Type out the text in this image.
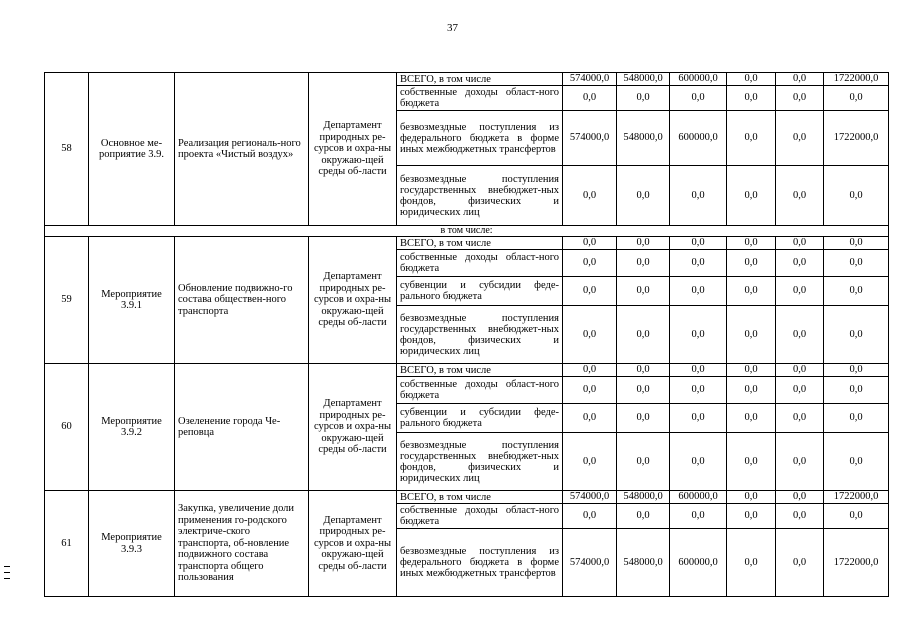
37
58	Основное ме-роприятие 3.9.	Реализация региональ-ного проекта «Чистый воздух»	Департамент природных ре-сурсов и охра-ны окружаю-щей среды об-ласти	ВСЕГО, в том числе	574000,0	548000,0	600000,0	0,0	0,0	1722000,0
				собственные доходы област-ного бюджета	0,0	0,0	0,0	0,0	0,0	0,0
				безвозмездные поступления из федерального бюджета в форме иных межбюджетных трансфертов	574000,0	548000,0	600000,0	0,0	0,0	1722000,0
				безвозмездные поступления государственных внебюджет-ных фондов, физических и юридических лиц	0,0	0,0	0,0	0,0	0,0	0,0
в том числе:										
59	Мероприятие 3.9.1	Обновление подвижно-го состава обществен-ного транспорта	Департамент природных ре-сурсов и охра-ны окружаю-щей среды об-ласти	ВСЕГО, в том числе	0,0	0,0	0,0	0,0	0,0	0,0
				собственные доходы област-ного бюджета	0,0	0,0	0,0	0,0	0,0	0,0
				субвенции и субсидии феде-рального бюджета	0,0	0,0	0,0	0,0	0,0	0,0
				безвозмездные поступления государственных внебюджет-ных фондов, физических и юридических лиц	0,0	0,0	0,0	0,0	0,0	0,0
60	Мероприятие 3.9.2	Озеленение города Че-реповца	Департамент природных ре-сурсов и охра-ны окружаю-щей среды об-ласти	ВСЕГО, в том числе	0,0	0,0	0,0	0,0	0,0	0,0
				собственные доходы област-ного бюджета	0,0	0,0	0,0	0,0	0,0	0,0
				субвенции и субсидии феде-рального бюджета	0,0	0,0	0,0	0,0	0,0	0,0
				безвозмездные поступления государственных внебюджет-ных фондов, физических и юридических лиц	0,0	0,0	0,0	0,0	0,0	0,0
61	Мероприятие 3.9.3	Закупка, увеличение доли применения го-родского электриче-ского транспорта, об-новление подвижного состава транспорта общего пользования	Департамент природных ре-сурсов и охра-ны окружаю-щей среды об-ласти	ВСЕГО, в том числе	574000,0	548000,0	600000,0	0,0	0,0	1722000,0
				собственные доходы област-ного бюджета	0,0	0,0	0,0	0,0	0,0	0,0
				безвозмездные поступления из федерального бюджета в форме иных межбюджетных трансфертов	574000,0	548000,0	600000,0	0,0	0,0	1722000,0
